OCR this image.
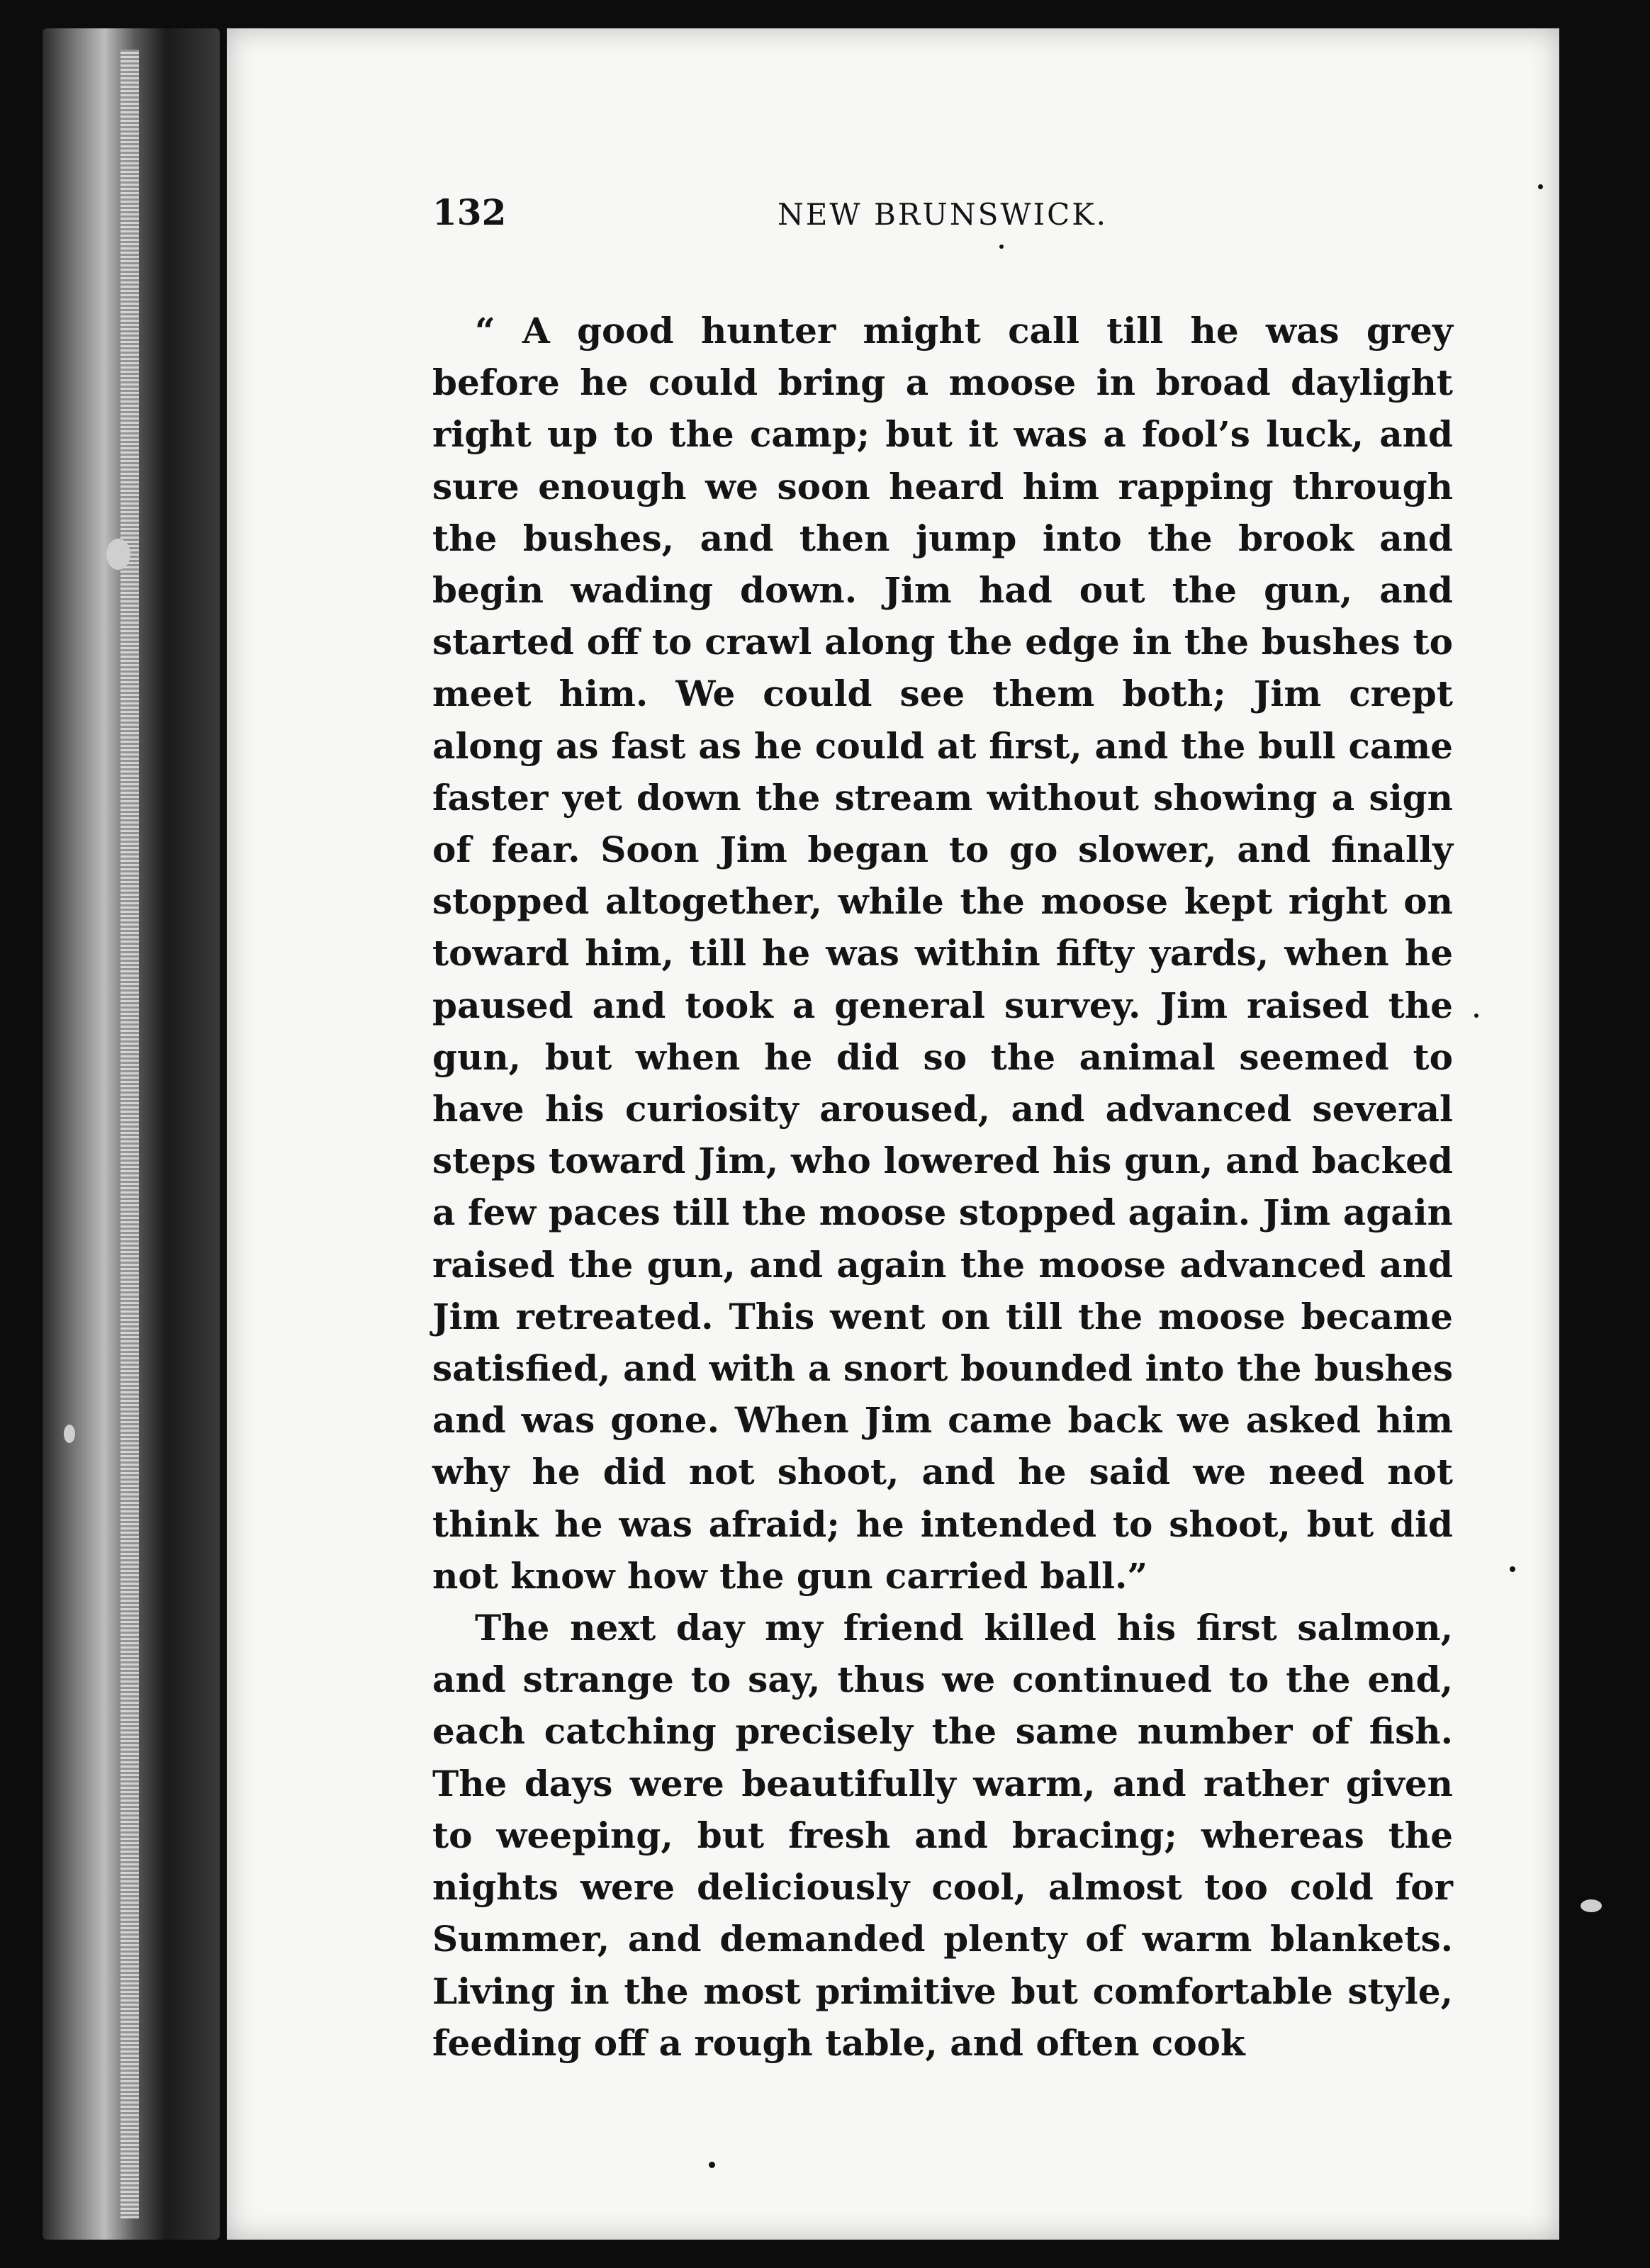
132	NEW BRUNSWICK.

“ A good hunter might call till he was grey before he could bring a moose in broad daylight right up to the camp; but it was a fool’s luck, and sure enough we soon heard him rapping through the bushes, and then jump into the brook and begin wading down. Jim had out the gun, and started off to crawl along the edge in the bushes to meet him. We could see them both; Jim crept along as fast as he could at first, and the bull came faster yet down the stream without showing a sign of fear. Soon Jim began to go slower, and finally stopped altogether, while the moose kept right on toward him, till he was within fifty yards, when he paused and took a general survey. Jim raised the gun, but when he did so the animal seemed to have his curiosity aroused, and advanced several steps toward Jim, who lowered his gun, and backed a few paces till the moose stopped again. Jim again raised the gun, and again the moose advanced and Jim retreated. This went on till the moose became satisfied, and with a snort bounded into the bushes and was gone. When Jim came back we asked him why he did not shoot, and he said we need not think he was afraid; he intended to shoot, but did not know how the gun carried ball.”

The next day my friend killed his first salmon, and strange to say, thus we continued to the end, each catching precisely the same number of fish. The days were beautifully warm, and rather given to weeping, but fresh and bracing; whereas the nights were deliciously cool, almost too cold for Summer, and demanded plenty of warm blankets. Living in the most primitive but comfortable style, feeding off a rough table, and often cook
